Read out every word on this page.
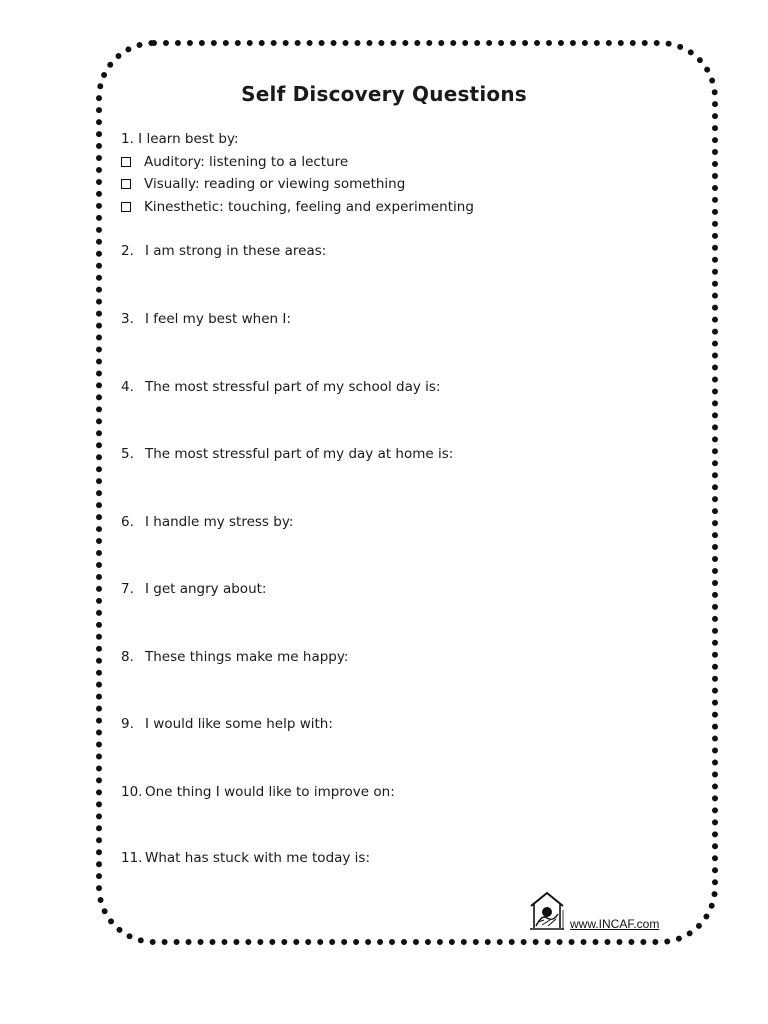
Self Discovery Questions
1. I learn best by:
Auditory: listening to a lecture
Visually: reading or viewing something
Kinesthetic: touching, feeling and experimenting
2. I am strong in these areas:
3. I feel my best when I:
4. The most stressful part of my school day is:
5. The most stressful part of my day at home is:
6. I handle my stress by:
7. I get angry about:
8. These things make me happy:
9. I would like some help with:
10. One thing I would like to improve on:
11. What has stuck with me today is:
www.INCAF.com
